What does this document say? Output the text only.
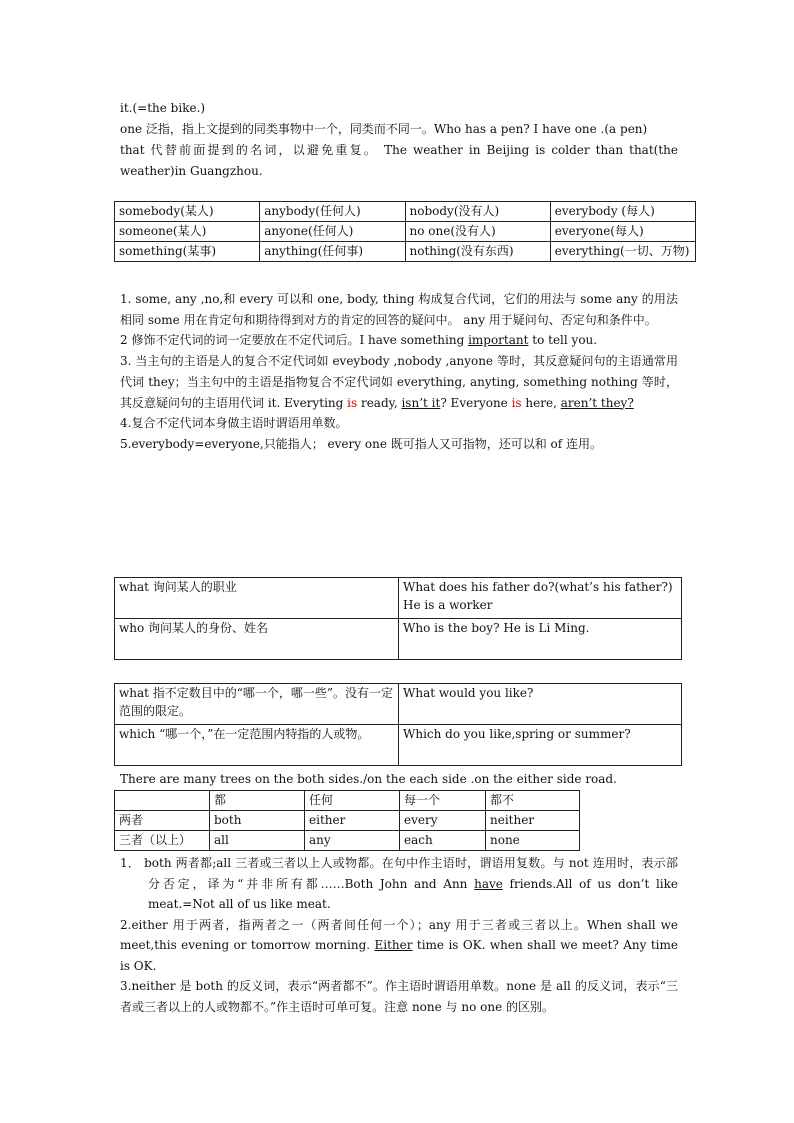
it.(=the bike.)

one 泛指，指上文提到的同类事物中一个，同类而不同一。Who has a pen? I have one .(a pen)

that 代替前面提到的名词，以避免重复。 The weather in Beijing is colder than that(the weather)in Guangzhou.

somebody(某人)	anybody(任何人)	nobody(没有人)	everybody (每人)
someone(某人)	anyone(任何人)	no one(没有人)	everyone(每人)
something(某事)	anything(任何事)	nothing(没有东西)	everything(一切、万物)

1. some, any ,no,和 every 可以和 one, body, thing 构成复合代词，它们的用法与 some any 的用法相同 some 用在肯定句和期待得到对方的肯定的回答的疑问中。 any 用于疑问句、否定句和条件中。

2 修饰不定代词的词一定要放在不定代词后。I have something important to tell you.

3. 当主句的主语是人的复合不定代词如 eveybody ,nobody ,anyone 等时，其反意疑问句的主语通常用代词 they；当主句中的主语是指物复合不定代词如 everything, anyting, something nothing 等时，其反意疑问句的主语用代词 it. Everyting is ready, isn’t it? Everyone is here, aren’t they?

4.复合不定代词本身做主语时谓语用单数。

5.everybody=everyone,只能指人； every one 既可指人又可指物，还可以和 of 连用。

what 询问某人的职业	What does his father do?(what’s his father?) He is a worker
who 询问某人的身份、姓名	Who is the boy? He is Li Ming.
what 指不定数目中的“哪一个，哪一些”。没有一定范围的限定。	What would you like?
which “哪一个，”在一定范围内特指的人或物。	Which do you like,spring or summer?
There are many trees on the both sides./on the each side .on the either side road.
	都	任何	每一个	都不
两者	both	either	every	neither
三者（以上）	all	any	each	none

1． both 两者都;all 三者或三者以上人或物都。在句中作主语时，谓语用复数。与 not 连用时，表示部分否定，译为“并非所有都……Both John and Ann have friends.All of us don’t like meat.=Not all of us like meat.

2.either 用于两者，指两者之一（两者间任何一个）；any 用于三者或三者以上。When shall we meet,this evening or tomorrow morning. Either time is OK. when shall we meet? Any time is OK.

3.neither 是 both 的反义词，表示“两者都不”。作主语时谓语用单数。none 是 all 的反义词，表示“三者或三者以上的人或物都不。”作主语时可单可复。注意 none 与 no one 的区别。
